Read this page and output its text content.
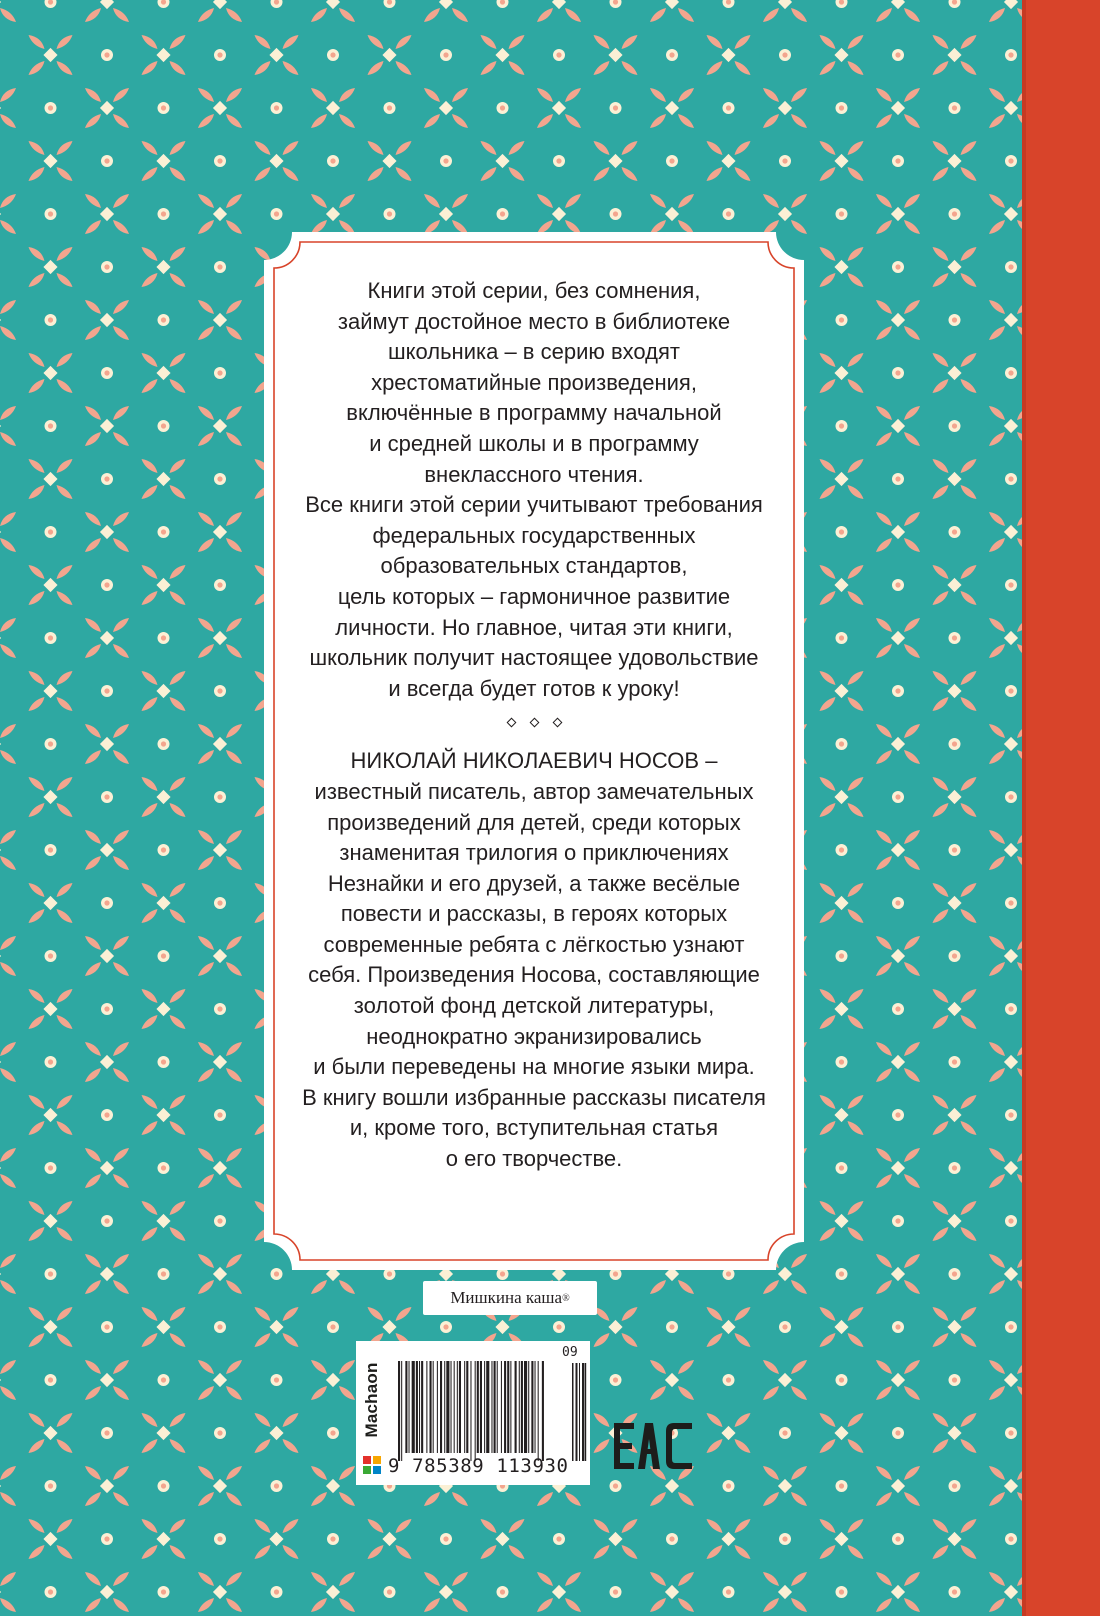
Книги этой серии, без сомнения,
займут достойное место в библиотеке
школьника – в серию входят
хрестоматийные произведения,
включённые в программу начальной
и средней школы и в программу
внеклассного чтения.

Все книги этой серии учитывают требования
федеральных государственных
образовательных стандартов,
цель которых – гармоничное развитие
личности. Но главное, читая эти книги,
школьник получит настоящее удовольствие
и всегда будет готов к уроку!

НИКОЛАЙ НИКОЛАЕВИЧ НОСОВ –
известный писатель, автор замечательных
произведений для детей, среди которых
знаменитая трилогия о приключениях
Незнайки и его друзей, а также весёлые
повести и рассказы, в героях которых
современные ребята с лёгкостью узнают
себя. Произведения Носова, составляющие
золотой фонд детской литературы,
неоднократно экранизировались
и были переведены на многие языки мира.

В книгу вошли избранные рассказы писателя
и, кроме того, вступительная статья
о его творчестве.

Мишкина каша ®
Machaon
9 785389 113930
09
